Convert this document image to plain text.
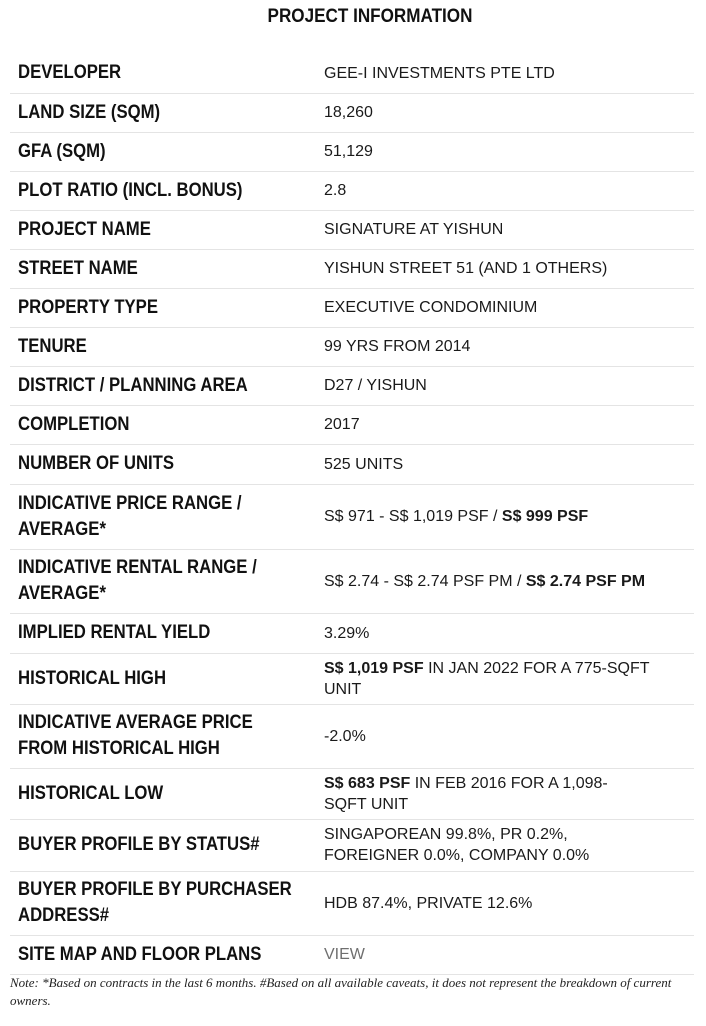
PROJECT INFORMATION
DEVELOPER	GEE-I INVESTMENTS PTE LTD
LAND SIZE (SQM)	18,260
GFA (SQM)	51,129
PLOT RATIO (INCL. BONUS)	2.8
PROJECT NAME	SIGNATURE AT YISHUN
STREET NAME	YISHUN STREET 51 (AND 1 OTHERS)
PROPERTY TYPE	EXECUTIVE CONDOMINIUM
TENURE	99 YRS FROM 2014
DISTRICT / PLANNING AREA	D27 / YISHUN
COMPLETION	2017
NUMBER OF UNITS	525 UNITS
INDICATIVE PRICE RANGE /
AVERAGE*	S$ 971 - S$ 1,019 PSF / S$ 999 PSF
INDICATIVE RENTAL RANGE /
AVERAGE*	S$ 2.74 - S$ 2.74 PSF PM / S$ 2.74 PSF PM
IMPLIED RENTAL YIELD	3.29%
HISTORICAL HIGH	S$ 1,019 PSF IN JAN 2022 FOR A 775-SQFT
UNIT
INDICATIVE AVERAGE PRICE
FROM HISTORICAL HIGH	-2.0%
HISTORICAL LOW	S$ 683 PSF IN FEB 2016 FOR A 1,098-
SQFT UNIT
BUYER PROFILE BY STATUS#	SINGAPOREAN 99.8%, PR 0.2%,
FOREIGNER 0.0%, COMPANY 0.0%
BUYER PROFILE BY PURCHASER
ADDRESS#	HDB 87.4%, PRIVATE 12.6%
SITE MAP AND FLOOR PLANS	VIEW
Note: *Based on contracts in the last 6 months. #Based on all available caveats, it does not represent the breakdown of current owners.
